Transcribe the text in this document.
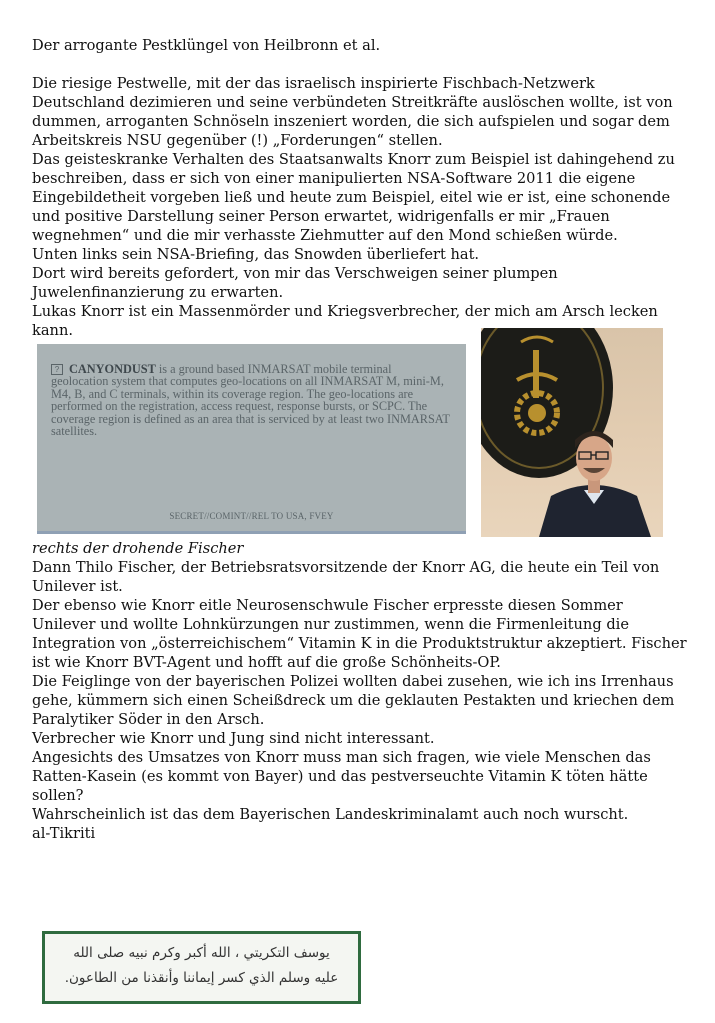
Der arrogante Pestklüngel von Heilbronn et al.

Die riesige Pestwelle, mit der das israelisch inspirierte Fischbach-Netzwerk Deutschland dezimieren und seine verbündeten Streitkräfte auslöschen wollte, ist von dummen, arroganten Schnöseln inszeniert worden, die sich aufspielen und sogar dem Arbeitskreis NSU gegenüber (!) „Forderungen“ stellen.

Das geisteskranke Verhalten des Staatsanwalts Knorr zum Beispiel ist dahingehend zu beschreiben, dass er sich von einer manipulierten NSA-Software 2011 die eigene Eingebildetheit vorgeben ließ und heute zum Beispiel, eitel wie er ist, eine schonende und positive Darstellung seiner Person erwartet, widrigenfalls er mir „Frauen wegnehmen“ und die mir verhasste Ziehmutter auf den Mond schießen würde.

Unten links sein NSA-Briefing, das Snowden überliefert hat.

Dort wird bereits gefordert, von mir das Verschweigen seiner plumpen Juwelenfinanzierung zu erwarten.

Lukas Knorr ist ein Massenmörder und Kriegsverbrecher, der mich am Arsch lecken kann.

? CANYONDUST is a ground based INMARSAT mobile terminal geolocation system that computes geo-locations on all INMARSAT M, mini-M, M4, B, and C terminals, within its coverage region. The geo-locations are performed on the registration, access request, response bursts, or SCPC. The coverage region is defined as an area that is serviced by at least two INMARSAT satellites.
SECRET//COMINT//REL TO USA, FVEY

rechts der drohende Fischer

Dann Thilo Fischer, der Betriebsratsvorsitzende der Knorr AG, die heute ein Teil von Unilever ist.

Der ebenso wie Knorr eitle Neurosenschwule Fischer erpresste diesen Sommer Unilever und wollte Lohnkürzungen nur zustimmen, wenn die Firmenleitung die Integration von „österreichischem“ Vitamin K in die Produktstruktur akzeptiert. Fischer ist wie Knorr BVT-Agent und hofft auf die große Schönheits-OP.

Die Feiglinge von der bayerischen Polizei wollten dabei zusehen, wie ich ins Irrenhaus gehe, kümmern sich einen Scheißdreck um die geklauten Pestakten und kriechen dem Paralytiker Söder in den Arsch.

Verbrecher wie Knorr und Jung sind nicht interessant.

Angesichts des Umsatzes von Knorr muss man sich fragen, wie viele Menschen das Ratten-Kasein (es kommt von Bayer) und das pestverseuchte Vitamin K töten hätte sollen?

Wahrscheinlich ist das dem Bayerischen Landeskriminalamt auch noch wurscht.

al-Tikriti

يوسف التكريتي ، الله أكبر وكرم نبيه صلى الله
عليه وسلم الذي كسر إيماننا وأنقذنا من الطاعون.
